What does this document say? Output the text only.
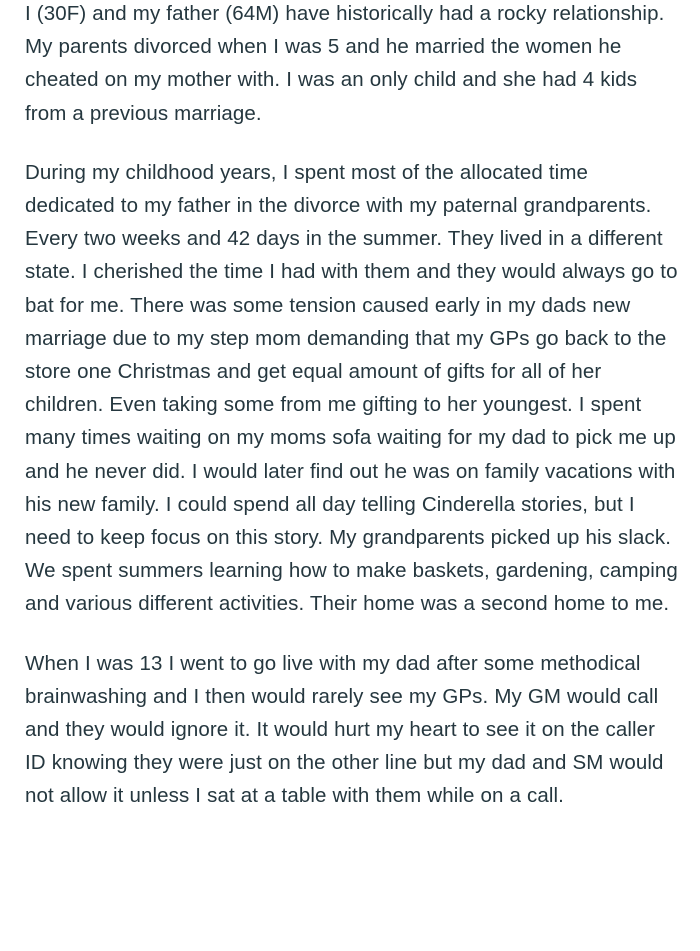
I (30F) and my father (64M) have historically had a rocky relationship. My parents divorced when I was 5 and he married the women he cheated on my mother with. I was an only child and she had 4 kids from a previous marriage.

During my childhood years, I spent most of the allocated time dedicated to my father in the divorce with my paternal grandparents. Every two weeks and 42 days in the summer. They lived in a different state. I cherished the time I had with them and they would always go to bat for me. There was some tension caused early in my dads new marriage due to my step mom demanding that my GPs go back to the store one Christmas and get equal amount of gifts for all of her children. Even taking some from me gifting to her youngest. I spent many times waiting on my moms sofa waiting for my dad to pick me up and he never did. I would later find out he was on family vacations with his new family. I could spend all day telling Cinderella stories, but I need to keep focus on this story. My grandparents picked up his slack. We spent summers learning how to make baskets, gardening, camping and various different activities. Their home was a second home to me.

When I was 13 I went to go live with my dad after some methodical brainwashing and I then would rarely see my GPs. My GM would call and they would ignore it. It would hurt my heart to see it on the caller ID knowing they were just on the other line but my dad and SM would not allow it unless I sat at a table with them while on a call.
